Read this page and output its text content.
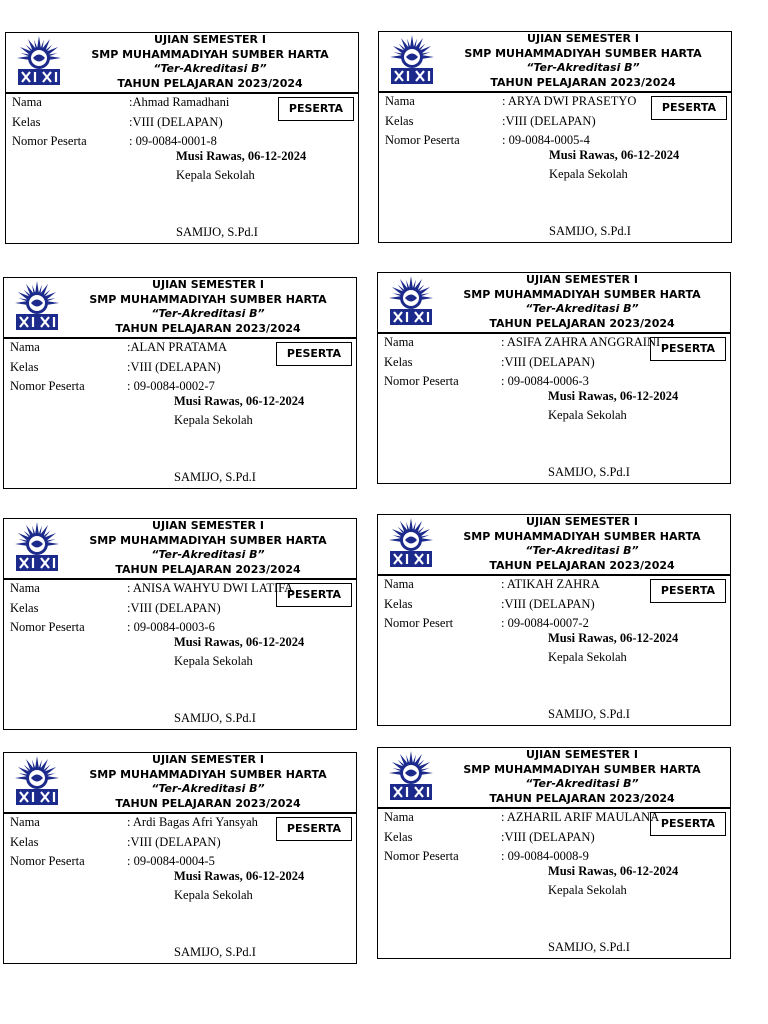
UJIAN SEMESTER I
SMP MUHAMMADIYAH SUMBER HARTA
“Ter-Akreditasi B”
TAHUN PELAJARAN 2023/2024
Nama	:Ahmad Ramadhani
Kelas	:VIII (DELAPAN)
Nomor Peserta	: 09-0084-0001-8
PESERTA
Musi Rawas, 06-12-2024
Kepala Sekolah
SAMIJO, S.Pd.I
UJIAN SEMESTER I
SMP MUHAMMADIYAH SUMBER HARTA
“Ter-Akreditasi B”
TAHUN PELAJARAN 2023/2024
Nama	: ARYA DWI PRASETYO
Kelas	:VIII (DELAPAN)
Nomor Peserta	: 09-0084-0005-4
PESERTA
Musi Rawas, 06-12-2024
Kepala Sekolah
SAMIJO, S.Pd.I
UJIAN SEMESTER I
SMP MUHAMMADIYAH SUMBER HARTA
“Ter-Akreditasi B”
TAHUN PELAJARAN 2023/2024
Nama	:ALAN PRATAMA
Kelas	:VIII (DELAPAN)
Nomor Peserta	: 09-0084-0002-7
PESERTA
Musi Rawas, 06-12-2024
Kepala Sekolah
SAMIJO, S.Pd.I
UJIAN SEMESTER I
SMP MUHAMMADIYAH SUMBER HARTA
“Ter-Akreditasi B”
TAHUN PELAJARAN 2023/2024
Nama	: ASIFA ZAHRA ANGGRAINI
Kelas	:VIII (DELAPAN)
Nomor Peserta	: 09-0084-0006-3
PESERTA
Musi Rawas, 06-12-2024
Kepala Sekolah
SAMIJO, S.Pd.I
UJIAN SEMESTER I
SMP MUHAMMADIYAH SUMBER HARTA
“Ter-Akreditasi B”
TAHUN PELAJARAN 2023/2024
Nama	: ANISA WAHYU DWI LATIFA
Kelas	:VIII (DELAPAN)
Nomor Peserta	: 09-0084-0003-6
PESERTA
Musi Rawas, 06-12-2024
Kepala Sekolah
SAMIJO, S.Pd.I
UJIAN SEMESTER I
SMP MUHAMMADIYAH SUMBER HARTA
“Ter-Akreditasi B”
TAHUN PELAJARAN 2023/2024
Nama	: ATIKAH ZAHRA
Kelas	:VIII (DELAPAN)
Nomor Pesert	: 09-0084-0007-2
PESERTA
Musi Rawas, 06-12-2024
Kepala Sekolah
SAMIJO, S.Pd.I
UJIAN SEMESTER I
SMP MUHAMMADIYAH SUMBER HARTA
“Ter-Akreditasi B”
TAHUN PELAJARAN 2023/2024
Nama	: Ardi Bagas Afri Yansyah
Kelas	:VIII (DELAPAN)
Nomor Peserta	: 09-0084-0004-5
PESERTA
Musi Rawas, 06-12-2024
Kepala Sekolah
SAMIJO, S.Pd.I
UJIAN SEMESTER I
SMP MUHAMMADIYAH SUMBER HARTA
“Ter-Akreditasi B”
TAHUN PELAJARAN 2023/2024
Nama	: AZHARIL ARIF MAULANA
Kelas	:VIII (DELAPAN)
Nomor Peserta	: 09-0084-0008-9
PESERTA
Musi Rawas, 06-12-2024
Kepala Sekolah
SAMIJO, S.Pd.I
